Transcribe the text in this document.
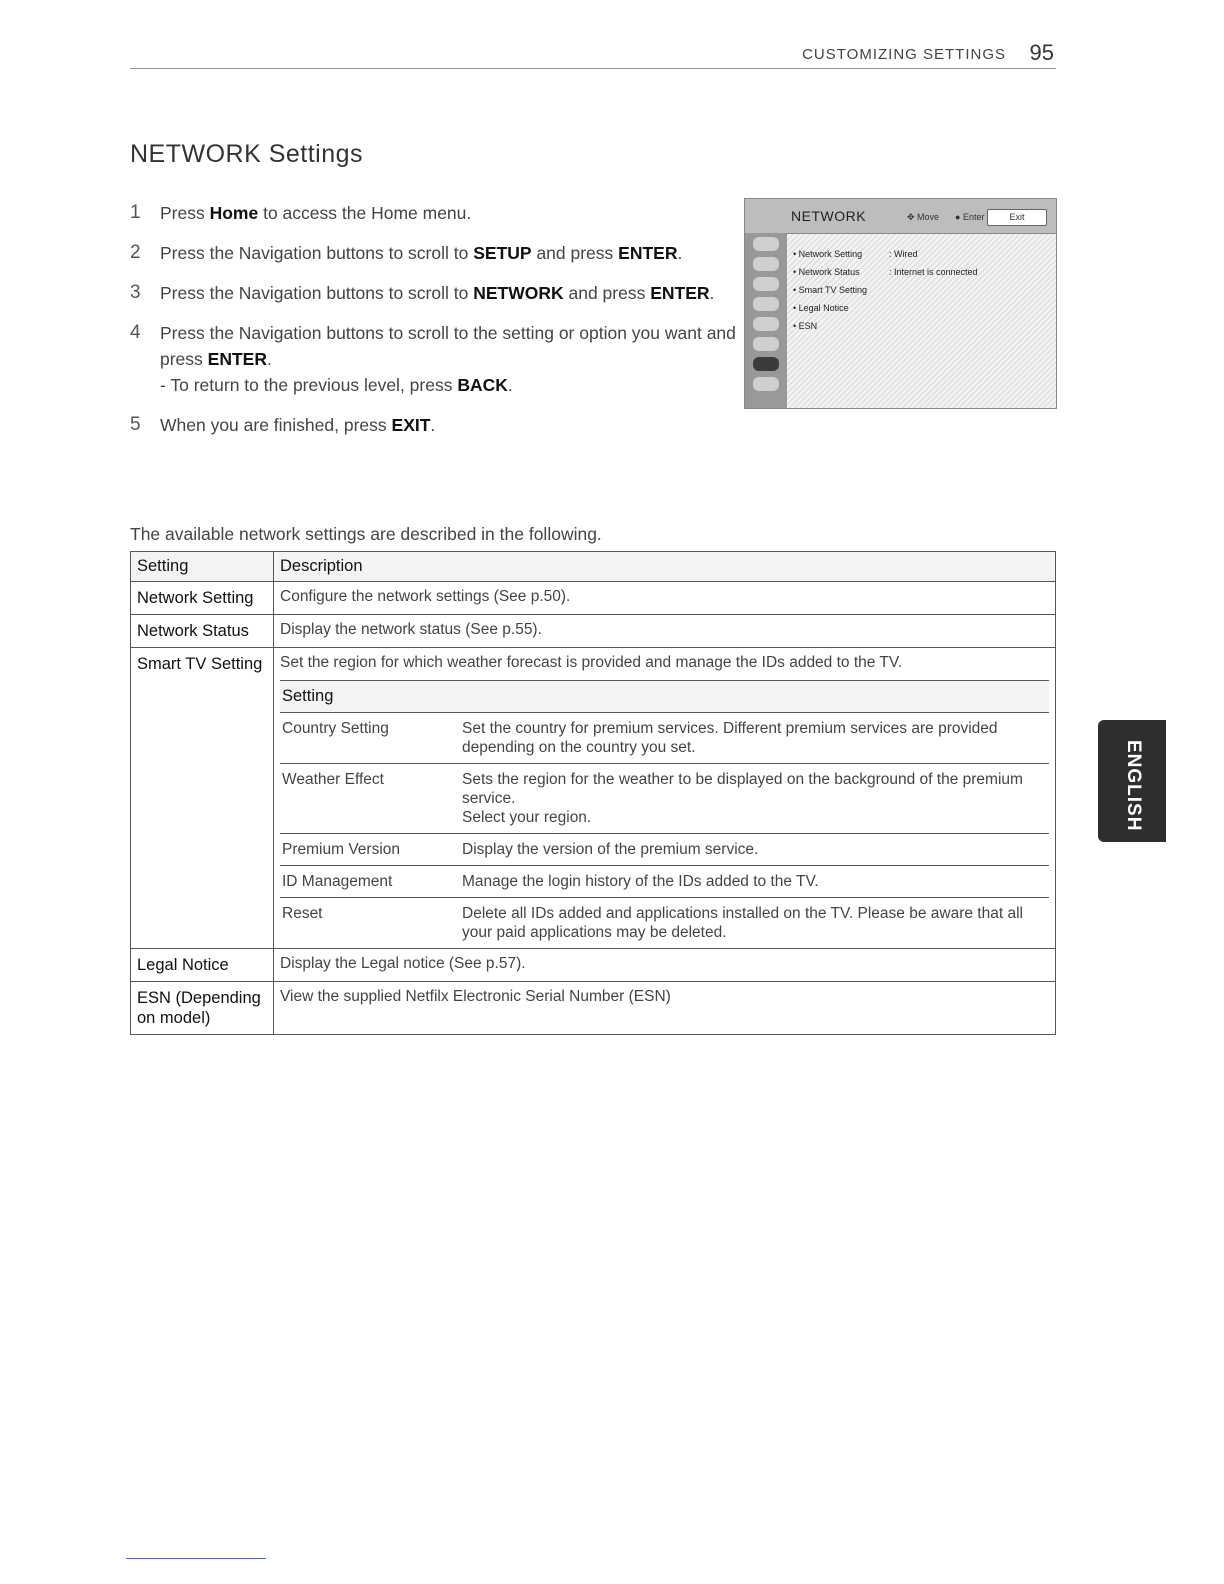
CUSTOMIZING SETTINGS 95
NETWORK Settings
1 Press Home to access the Home menu.
2 Press the Navigation buttons to scroll to SETUP and press ENTER.
3 Press the Navigation buttons to scroll to NETWORK and press ENTER.
4 Press the Navigation buttons to scroll to the setting or option you want and press ENTER.
- To return to the previous level, press BACK.
5 When you are finished, press EXIT.
NETWORK	✥ Move ● Enter	Exit
• Network Setting	: Wired
• Network Status	: Internet is connected
• Smart TV Setting
• Legal Notice
• ESN
The available network settings are described in the following.
Setting	Description
Network Setting	Configure the network settings (See p.50).
Network Status	Display the network status (See p.55).
Smart TV Setting	Set the region for which weather forecast is provided and manage the IDs added to the TV.
Setting
Country Setting	Set the country for premium services. Different premium services are provided depending on the country you set.
Weather Effect	Sets the region for the weather to be displayed on the background of the premium service.
Select your region.

Premium Version	Display the version of the premium service.
ID Management	Manage the login history of the IDs added to the TV.
Reset	Delete all IDs added and applications installed on the TV. Please be aware that all your paid applications may be deleted.

Legal Notice	Display the Legal notice (See p.57).
ESN (Depending on model)	View the supplied Netfilx Electronic Serial Number (ESN)
ENGLISH
